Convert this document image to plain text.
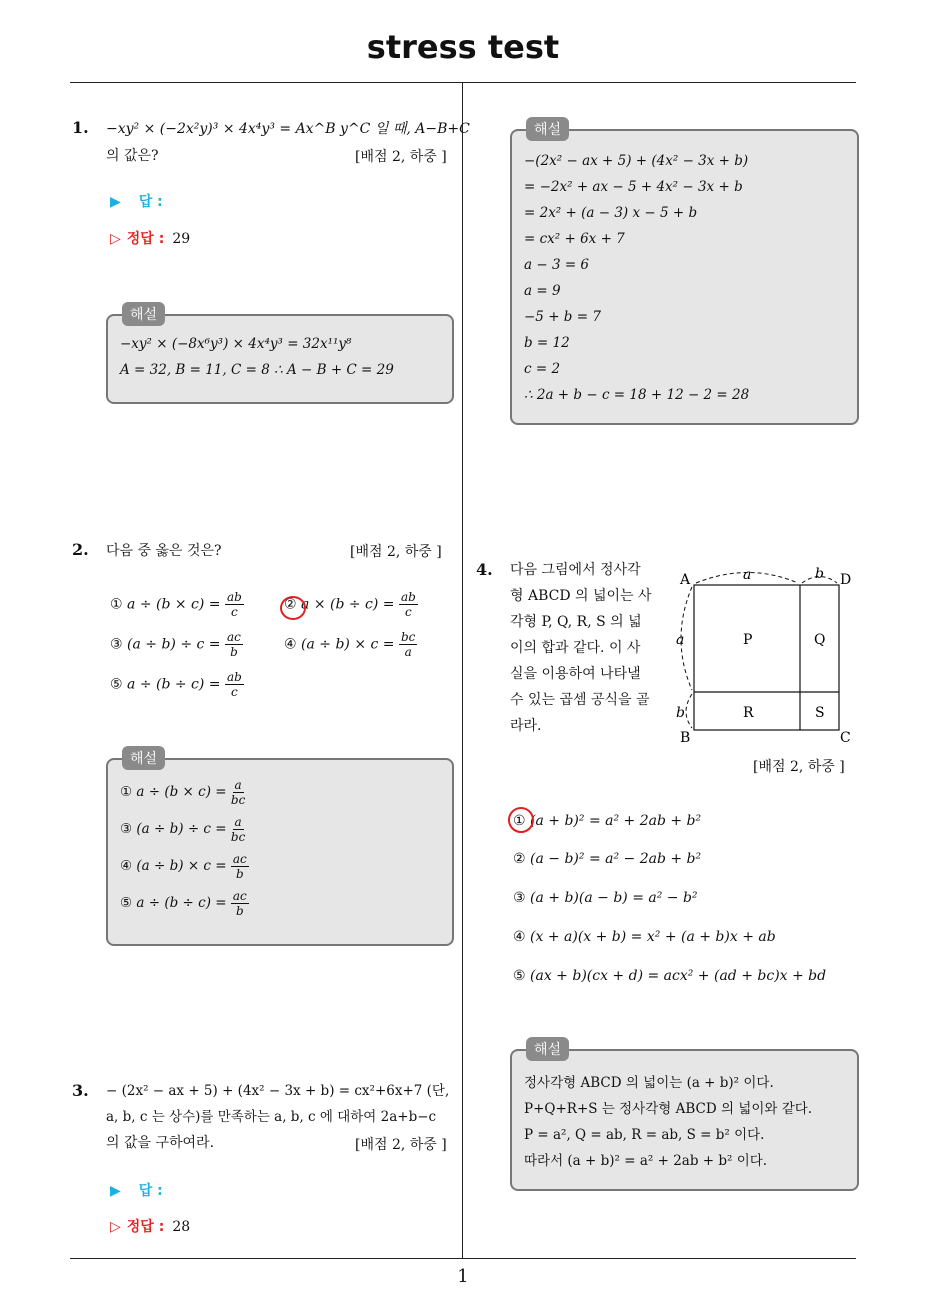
stress test
1
1. −xy² × (−2x²y)³ × 4x⁴y³ = Ax^B y^C 일 때, A−B+C
의 값은?	[배점 2, 하중 ]
▶ 답 :
▷ 정답 : 29
해설
−xy² × (−8x⁶y³) × 4x⁴y³ = 32x¹¹y⁸
A = 32, B = 11, C = 8 ∴ A − B + C = 29
2. 다음 중 옳은 것은?	[배점 2, 하중 ]
① $a \div (b \times c) = \frac{ab}{c}$	② $a \times (b \div c) = \frac{ab}{c}$
③ $(a \div b) \div c = \frac{ac}{b}$	④ $(a \div b) \times c = \frac{bc}{a}$
⑤ $a \div (b \div c) = \frac{ab}{c}$
해설
① $a \div (b \times c) = \frac{a}{bc}$
③ $(a \div b) \div c = \frac{a}{bc}$
④ $(a \div b) \times c = \frac{ac}{b}$
⑤ $a \div (b \div c) = \frac{ac}{b}$
3. − (2x² − ax + 5) + (4x² − 3x + b) = cx²+6x+7 (단,
a, b, c 는 상수)를 만족하는 a, b, c 에 대하여 2a+b−c
의 값을 구하여라.	[배점 2, 하중 ]
▶ 답 :
▷ 정답 : 28
해설
−(2x² − ax + 5) + (4x² − 3x + b)
= −2x² + ax − 5 + 4x² − 3x + b
= 2x² + (a − 3) x − 5 + b
= cx² + 6x + 7
a − 3 = 6
a = 9
−5 + b = 7
b = 12
c = 2
∴ 2a + b − c = 18 + 12 − 2 = 28
4. 다음 그림에서 정사각
형 ABCD 의 넓이는 사
각형 P, Q, R, S 의 넓
이의 합과 같다. 이 사
실을 이용하여 나타낼
수 있는 곱셈 공식을 골
라라.
A	D
B	C
a	b
a
b
P	Q
R	S
[배점 2, 하중 ]
① (a + b)² = a² + 2ab + b²
② (a − b)² = a² − 2ab + b²
③ (a + b)(a − b) = a² − b²
④ (x + a)(x + b) = x² + (a + b)x + ab
⑤ (ax + b)(cx + d) = acx² + (ad + bc)x + bd
해설
정사각형 ABCD 의 넓이는 (a + b)² 이다.
P+Q+R+S 는 정사각형 ABCD 의 넓이와 같다.
P = a², Q = ab, R = ab, S = b² 이다.
따라서 (a + b)² = a² + 2ab + b² 이다.
